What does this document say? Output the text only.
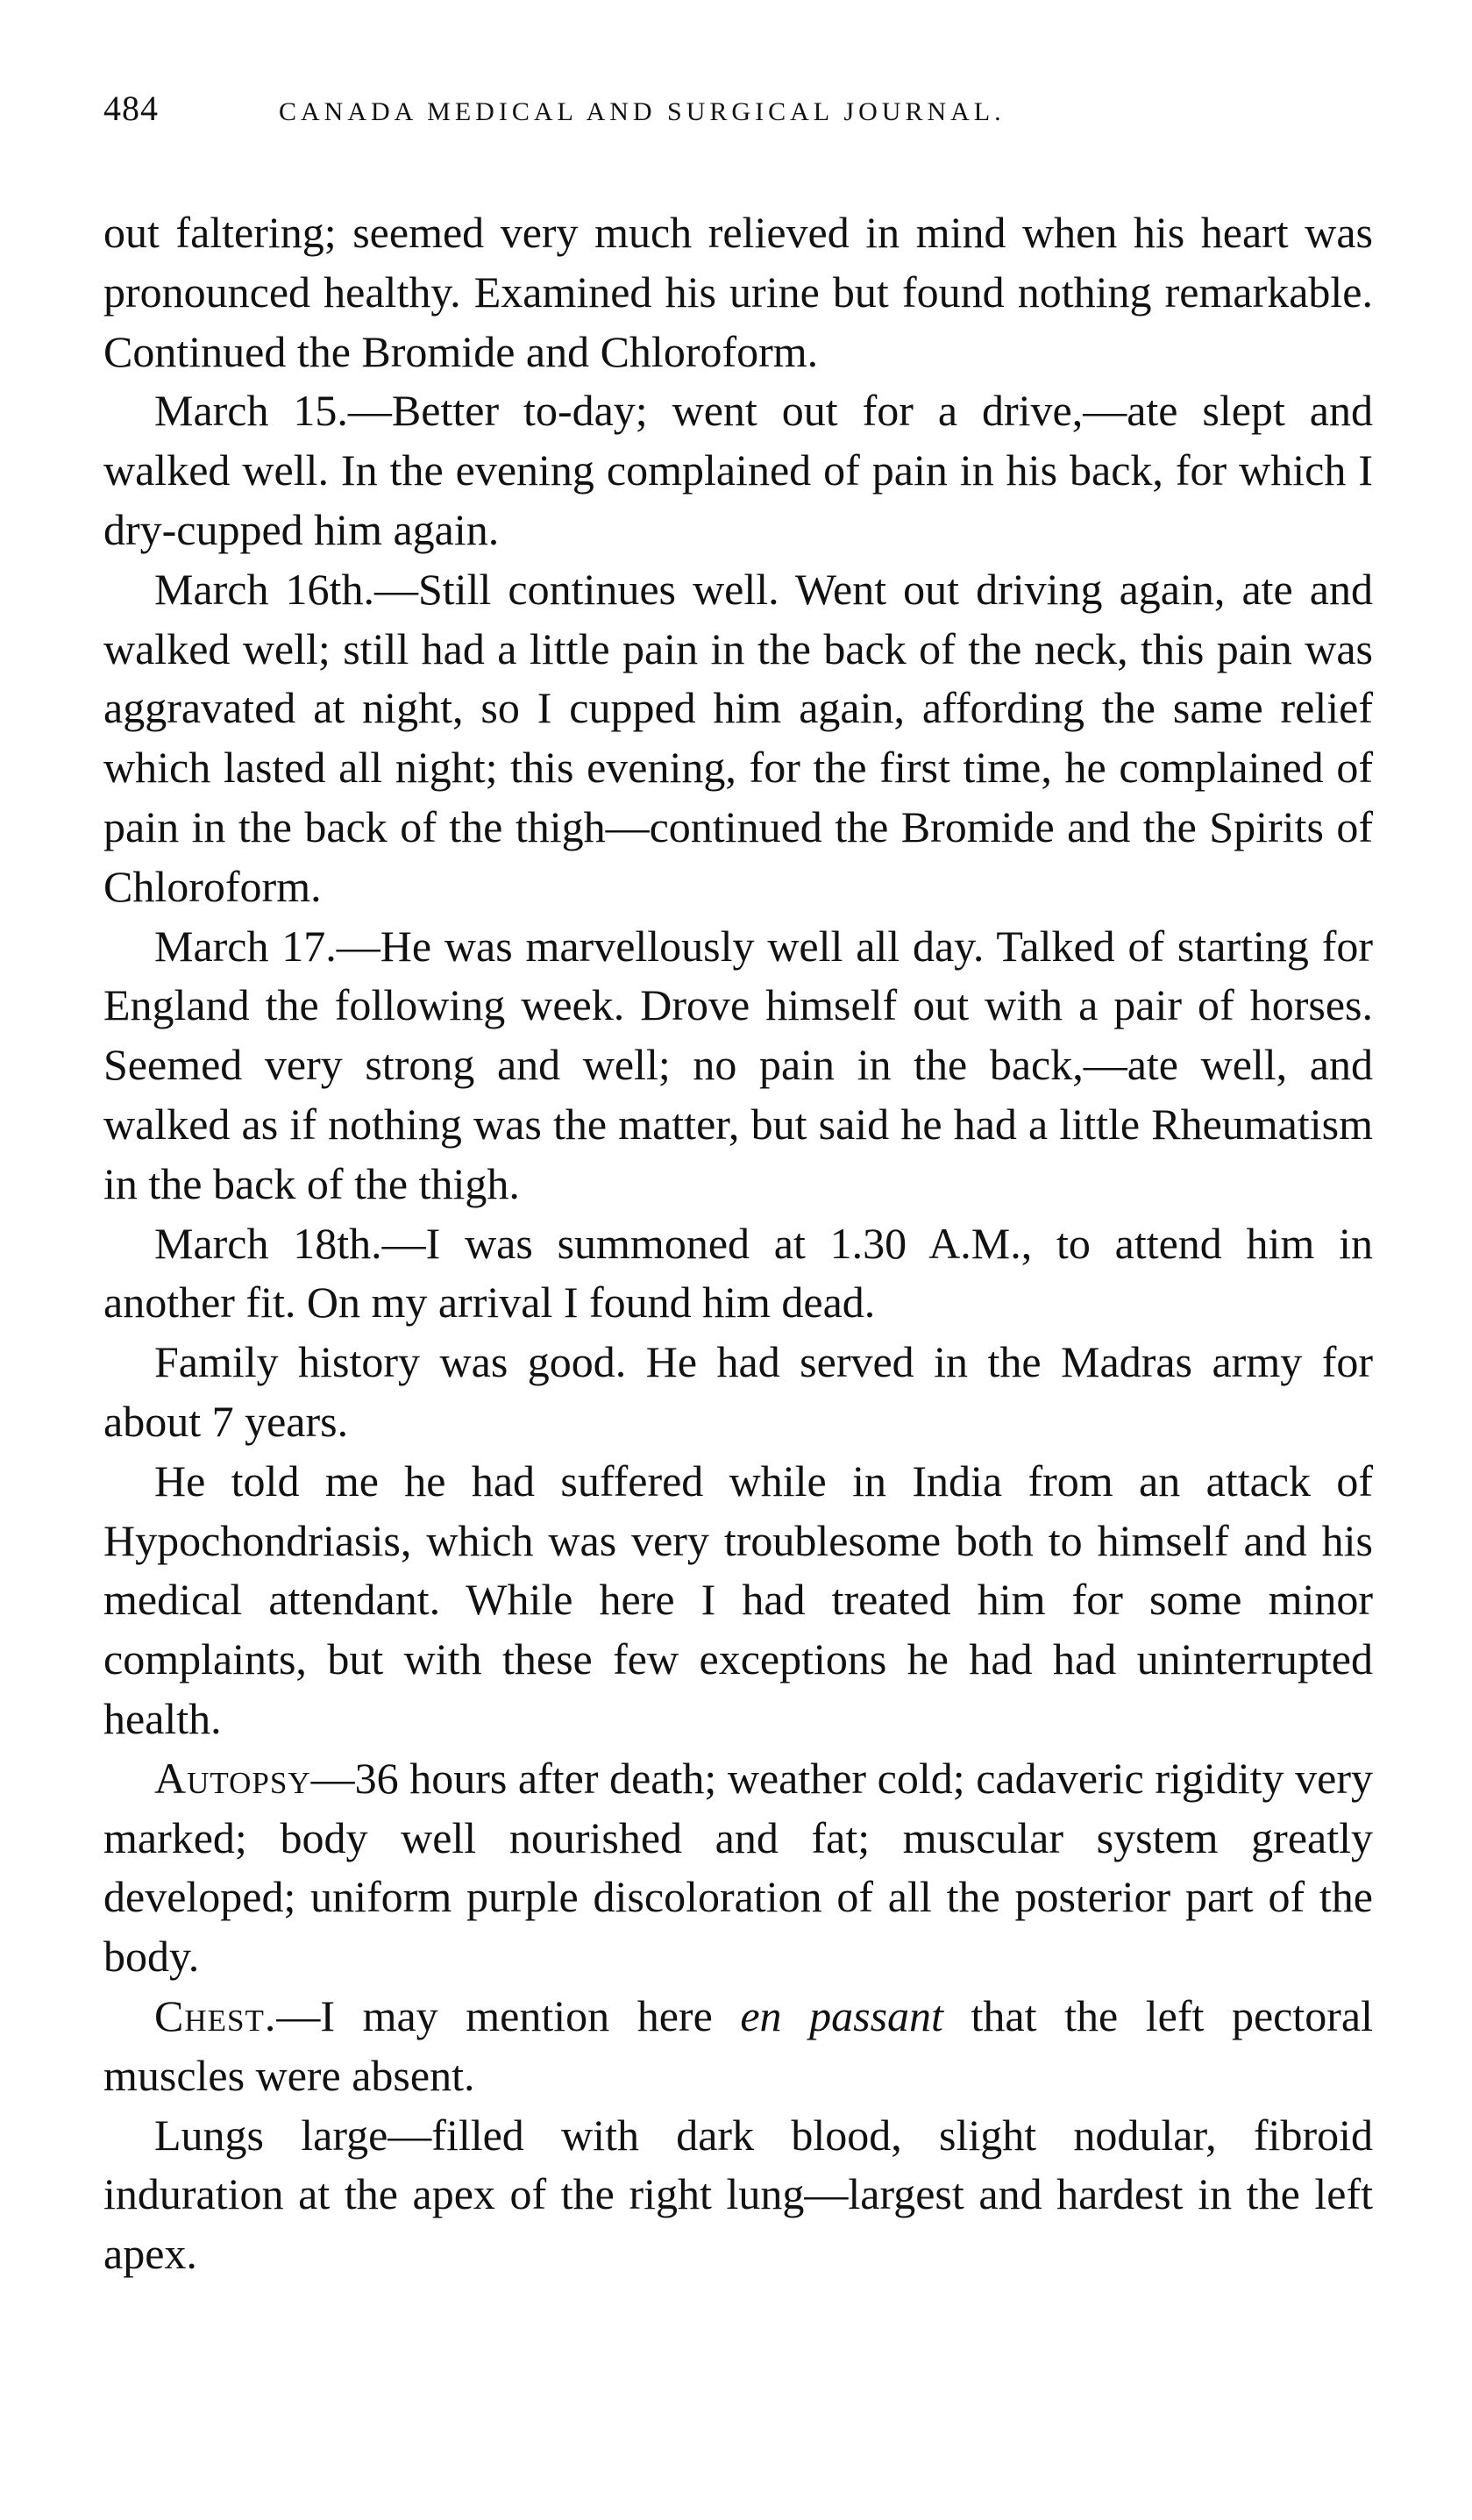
484	CANADA MEDICAL AND SURGICAL JOURNAL.

out faltering; seemed very much relieved in mind when his heart was pronounced healthy. Examined his urine but found nothing remarkable. Continued the Bromide and Chloroform.

March 15.—Better to-day; went out for a drive,—ate slept and walked well. In the evening complained of pain in his back, for which I dry-cupped him again.

March 16th.—Still continues well. Went out driving again, ate and walked well; still had a little pain in the back of the neck, this pain was aggravated at night, so I cupped him again, affording the same relief which lasted all night; this evening, for the first time, he complained of pain in the back of the thigh—continued the Bromide and the Spirits of Chloroform.

March 17.—He was marvellously well all day. Talked of starting for England the following week. Drove himself out with a pair of horses. Seemed very strong and well; no pain in the back,—ate well, and walked as if nothing was the matter, but said he had a little Rheumatism in the back of the thigh.

March 18th.—I was summoned at 1.30 A.M., to attend him in another fit. On my arrival I found him dead.

Family history was good. He had served in the Madras army for about 7 years.

He told me he had suffered while in India from an attack of Hypochondriasis, which was very troublesome both to himself and his medical attendant. While here I had treated him for some minor complaints, but with these few exceptions he had had uninterrupted health.

Autopsy—36 hours after death; weather cold; cadaveric rigidity very marked; body well nourished and fat; muscular system greatly developed; uniform purple discoloration of all the posterior part of the body.

Chest.—I may mention here en passant that the left pectoral muscles were absent.

Lungs large—filled with dark blood, slight nodular, fibroid induration at the apex of the right lung—largest and hardest in the left apex.
